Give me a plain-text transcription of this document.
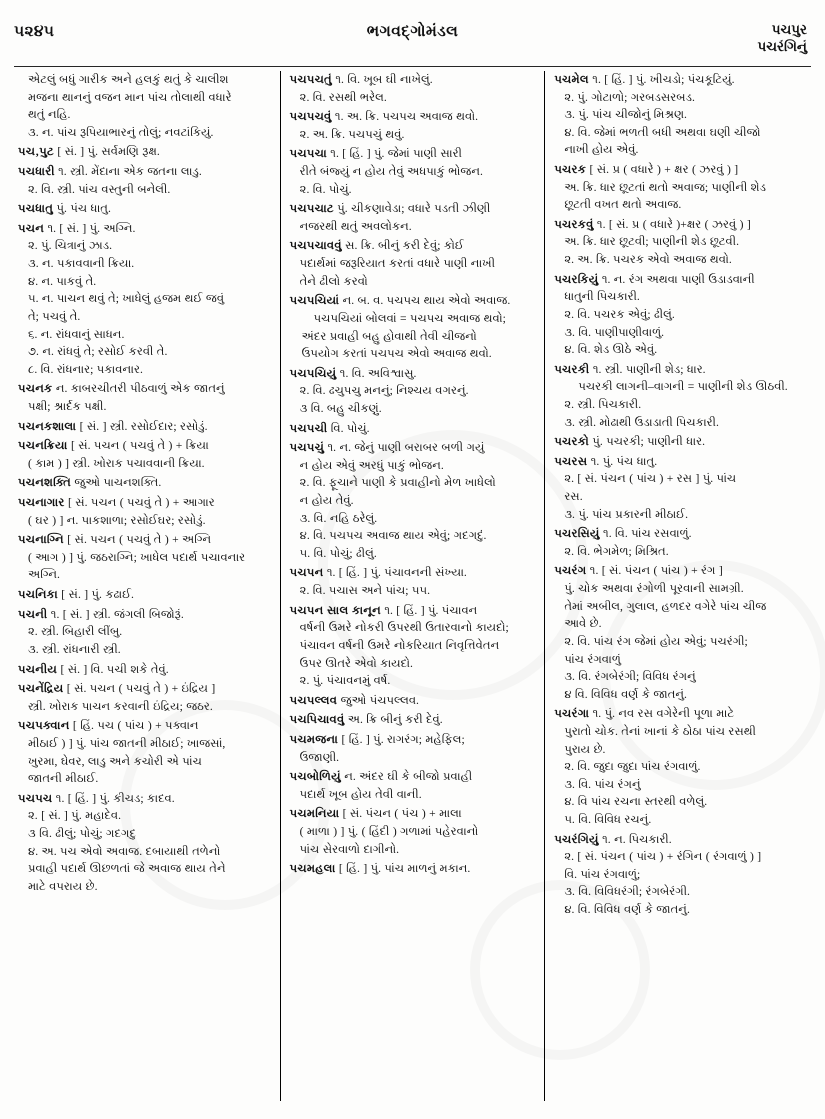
૫૨૪૫	ભગવદ્ગોમંડલ	પચપુર
પચરંગિનું

એટલું બધું ગારીક અને હલકું થતું કે ચાલીશ
મજના થાનનું વજન માન પાંચ તોલાથી વધારે
થતું નહિ.
૩. ન. પાંચ રૂપિયાભારનું તોલું; નવટાંકિયું.

પચ‚પુટ [ સં. ] પું. સર્વમણિ રૂક્ષ.

પચધારી ૧. સ્ત્રી. મેંદાના એક જતના લાડુ.
૨. વિ. સ્ત્રી. પાંચ વસ્તુની બનેલી.

પચધાતુ પું. પંચ ધાતુ.

પચન ૧. [ સં. ] પું. અગ્નિ.
૨. પું. ચિત્રાનું ઝાડ.
૩. ન. પકાવવાની ક્રિયા.
૪. ન. પાકવું તે.
૫. ન. પાચન થવું તે; ખાધેલું હજમ થઈ જવું
તે; પચવું તે.
૬. ન. રાંધવાનું સાધન.
૭. ન. રાંધવું તે; રસોઈ કરવી તે.
૮. વિ. રાંધનાર; પકાવનાર.

પચનક ન. કાબરચીતરી પીઠવાળું એક જાતનું
પક્ષી; શ્રાર્દક પક્ષી.

પચનકશાલા [ સં. ] સ્ત્રી. રસોઈદાર; રસોડું.

પચનક્રિયા [ સં. પચન ( પચવું તે ) + ક્રિયા
( કામ ) ] સ્ત્રી. ખોરાક પચાવવાની ક્રિયા.

પચનશક્તિ જુઓ પાચનશક્તિ.

પચનાગાર [ સં. પચન ( પચવું તે ) + આગાર
( ઘર ) ] ન. પાકશાળા; રસોઈઘર; રસોડું.

પચનાગ્નિ [ સં. પચન ( પચવું તે ) + અગ્નિ
( આગ ) ] પું. જઠરાગ્નિ; ખાધેલ પદાર્થ પચાવનાર
અગ્નિ.

પચનિકા [ સં. ] પું. કઢાઈ.

પચની ૧. [ સં. ] સ્ત્રી. જંગલી બિજોરૂં.
૨. સ્ત્રી. બિહારી લીંબુ.
૩. સ્ત્રી. રાંધનારી સ્ત્રી.

પચનીય [ સં. ] વિ. પચી શકે તેવું.

પચનેંદ્રિય [ સં. પચન ( પચવું તે ) + ઇંદ્રિય ]
સ્ત્રી. ખોરાક પાચન કરવાની ઇંદ્રિય; જઠર.

પચપક્વાન [ હિં. પચ ( પાંચ ) + પક્વાન
મીઠાઈ ) ] પું. પાંચ જાતની મીઠાઈ; ખાજસાં,
ખુરમા, ઘેવર, લાડુ અને કચોરી એ પાંચ
જાતની મીઠાઈ.

પચપચ ૧. [ હિં. ] પું. કીચડ; કાદવ.
૨. [ સં. ] પું. મહાદેવ.
૩ વિ. ઢીલું; પોચું; ગદગદુ
૪. અ. પચ એવો અવાજ. દબાયાથી તળેનો
પ્રવાહી પદાર્થ ઊછળતાં જે અવાજ થાય તેને
માટે વપરાય છે.

પચપચતું ૧. વિ. ખૂબ ઘી નાખેલું.
૨. વિ. રસથી ભરેલ.

પચપચવું ૧. અ. ક્રિ. પચપચ અવાજ થવો.
૨. અ. ક્રિ. પચપચું થવું.

પચપચા ૧. [ હિં. ] પું. જેમાં પાણી સારી
રીતે બંજ્યું ન હોય તેવું અધપાકું ભોજન.
૨. વિ. પોચું.

પચપચાટ પું. ચીકણાવેડા; વધારે પડતી ઝીણી
નજરથી થતું અવલોકન.

પચપચાવવું સ. ક્રિ. બીનું કરી દેવું; કોઈ
પદાર્થમાં જરૂરિયાત કરતાં વધારે પાણી નાખી
તેને ઢીલો કરવો

પચપચિયાં ન. બ. વ. પચપચ થાય એવો અવાજ.
પચપચિયાં બોલવાં = પચપચ અવાજ થવો;
અંદર પ્રવાહી બહુ હોવાથી તેવી ચીજનો
ઉપયોગ કરતાં પચપચ એવો અવાજ થવો.

પચપચિયું ૧. વિ. અવિશ્વાસુ.
૨. વિ. ઢચુપચુ મનનું; નિશ્ચય વગરનું.
૩ વિ. બહુ ચીકણું.

પચપચી વિ. પોચું.

પચપચું ૧. ન. જેનું પાણી બરાબર બળી ગયું
ન હોય એવું અરધું પાકું ભોજન.
૨. વિ. ફૂચાને પાણી કે પ્રવાહીનો મેળ ખાધેલો
ન હોય તેવું.
૩. વિ. નહિ ઠરેલું.
૪. વિ. પચપચ અવાજ થાય એવું; ગદગદું.
૫. વિ. પોચું; ઢીલું.

પચપન ૧. [ હિં. ] પું. પંચાવનની સંખ્યા.
૨. વિ. પચાસ અને પાંચ; ૫૫.

પચપન સાલ કાનૂન ૧. [ હિં. ] પું. પંચાવન
વર્ષની ઉમરે નોકરી ઉપરથી ઉતારવાનો કાયદો;
પંચાવન વર્ષની ઉમરે નોકરિયાત નિવૃત્તિવેતન
ઉપર ઊતરે એવો કાયદો.
૨. પું. પંચાવનમું વર્ષ.

પચપલ્લવ જુઓ પંચપલ્લવ.

પચપિચાવવું અ. ક્રિ બીનું કરી દેવું.

પચમજના [ હિં. ] પું. રાગરંગ; મહેફિલ;
ઉજાણી.

પચબોળિયું ન. અંદર ઘી કે બીજો પ્રવાહી
પદાર્થ ખૂબ હોય તેવી વાની.

પચમનિયા [ સં. પંચન ( પંચ ) + માલા
( માળા ) ] પું. ( હિંદી ) ગળામાં પહેરવાનો
પાંચ સેરવાળો દાગીનો.

પચમહલા [ હિં. ] પું. પાંચ માળનું મકાન.

પચમેલ ૧. [ હિં. ] પું. ખીચડો; પંચકૂટિયું.
૨. પું. ગોટાળો; ગરબડસરબડ.
૩. પું. પાંચ ચીજોનું મિશ્રણ.
૪. વિ. જેમાં ભળતી બધી અથવા ઘણી ચીજો
નાખી હોય એવું.

પચરક [ સં. પ્ર ( વધારે ) + ક્ષર ( ઝરવું ) ]
અ. ક્રિ. ધાર છૂટતાં થતો અવાજ; પાણીની શેડ
છૂટતી વખત થતો અવાજ.

પચરકવું ૧. [ સં. પ્ર ( વધારે )+ક્ષર ( ઝરવું ) ]
અ. ક્રિ. ધાર છૂટવી; પાણીની શેડ છૂટવી.
૨. અ. ક્રિ. પચરક એવો અવાજ થવો.

પચરકિયું ૧. ન. રંગ અથવા પાણી ઉડાડવાની
ધાતુની પિચકારી.
૨. વિ. પચરક એવું; ઢીલું.
૩. વિ. પાણીપાણીવાળું.
૪. વિ. શેડ ઊઠે એવું.

પચરકી ૧. સ્ત્રી. પાણીની શેડ; ધાર.
પચરકી લાગની–વાગની = પાણીની શેડ ઊઠવી.
૨. સ્ત્રી. પિચકારી.
૩. સ્ત્રી. મોઢાથી ઉડાડાતી પિચકારી.

પચરકો પું. પચરકી; પાણીની ધાર.

પચરસ ૧. પું. પંચ ધાતુ.
૨. [ સં. પંચન ( પાંચ ) + રસ ] પું. પાંચ
રસ.
૩. પું. પાંચ પ્રકારની મીઠાઈ.

પચરસિયું ૧. વિ. પાંચ રસવાળું.
૨. વિ. ભેગમેળ; મિશ્રિત.

પચરંગ ૧. [ સં. પંચન ( પાંચ ) + રંગ ]
પું. ચોક અથવા રંગોળી પૂરવાની સામગ્રી.
તેમાં અબીલ, ગુલાલ, હળદર વગેરે પાંચ ચીજ
આવે છે.
૨. વિ. પાંચ રંગ જેમાં હોય એવું; પચરંગી;
પાંચ રંગવાળું
૩. વિ. રંગબેરંગી; વિવિધ રંગનું
૪ વિ. વિવિધ વર્ણ કે જાતનું.

પચરંગા ૧. પું. નવ રસ વગેરેની પૂળા માટે
પુરાતો ચોક. તેનાં ખાનાં કે ઠોઠા પાંચ રસથી
પુરાય છે.
૨. વિ. જુદા જુદા પાંચ રંગવાળું.
૩. વિ. પાંચ રંગનું
૪. વિ પાંચ રચના સ્તરથી વળેલું.
૫. વિ. વિવિધ રચનું.

પચરંગિયું ૧. ન. પિચકારી.
૨. [ સં. પંચન ( પાંચ ) + રંગિન ( રંગવાળું ) ]
વિ. પાંચ રંગવાળું;
૩. વિ. વિવિધરંગી; રંગબેરંગી.
૪. વિ. વિવિધ વર્ણ કે જાતનું.
